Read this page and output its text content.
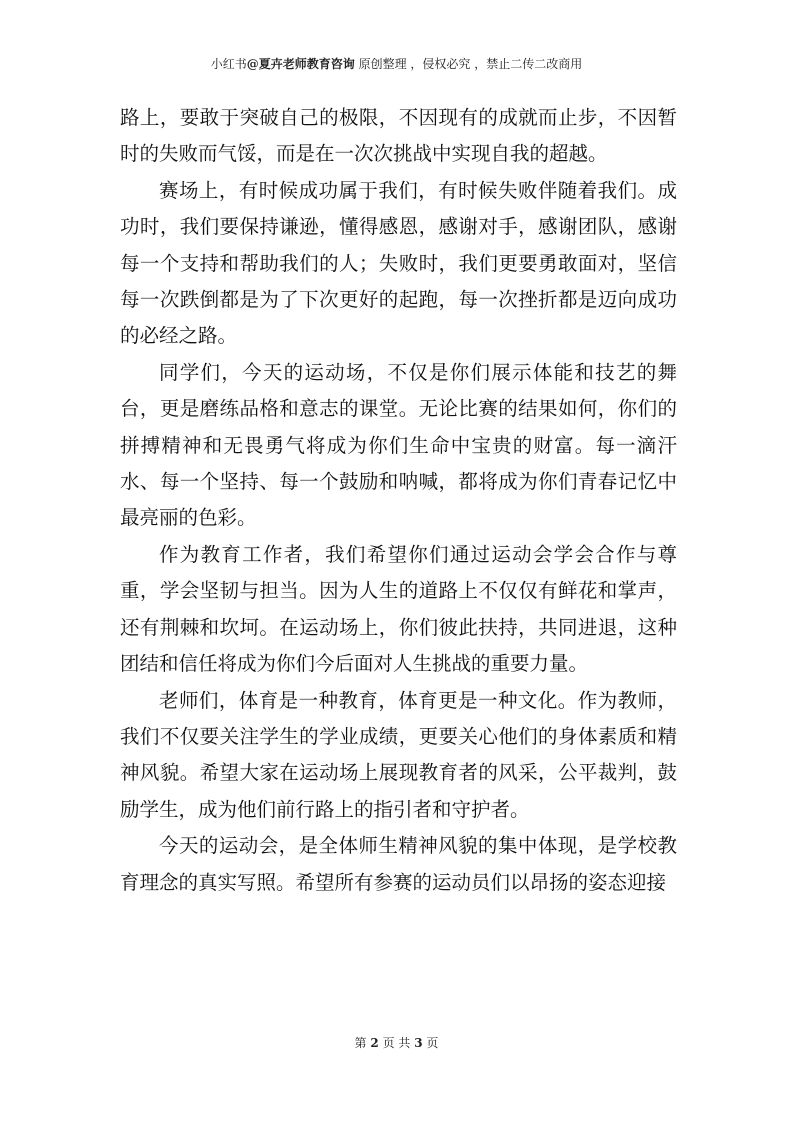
小红书@夏卉老师教育咨询 原创整理 ，侵权必究 ，禁止二传二改商用

路上，要敢于突破自己的极限，不因现有的成就而止步，不因暂时的失败而气馁，而是在一次次挑战中实现自我的超越。

赛场上，有时候成功属于我们，有时候失败伴随着我们。成功时，我们要保持谦逊，懂得感恩，感谢对手，感谢团队，感谢每一个支持和帮助我们的人；失败时，我们更要勇敢面对，坚信每一次跌倒都是为了下次更好的起跑，每一次挫折都是迈向成功的必经之路。

同学们，今天的运动场，不仅是你们展示体能和技艺的舞台，更是磨练品格和意志的课堂。无论比赛的结果如何，你们的拼搏精神和无畏勇气将成为你们生命中宝贵的财富。每一滴汗水、每一个坚持、每一个鼓励和呐喊，都将成为你们青春记忆中最亮丽的色彩。

作为教育工作者，我们希望你们通过运动会学会合作与尊重，学会坚韧与担当。因为人生的道路上不仅仅有鲜花和掌声，还有荆棘和坎坷。在运动场上，你们彼此扶持，共同进退，这种团结和信任将成为你们今后面对人生挑战的重要力量。

老师们，体育是一种教育，体育更是一种文化。作为教师，我们不仅要关注学生的学业成绩，更要关心他们的身体素质和精神风貌。希望大家在运动场上展现教育者的风采，公平裁判，鼓励学生，成为他们前行路上的指引者和守护者。

今天的运动会，是全体师生精神风貌的集中体现，是学校教育理念的真实写照。希望所有参赛的运动员们以昂扬的姿态迎接

第 2 页 共 3 页
